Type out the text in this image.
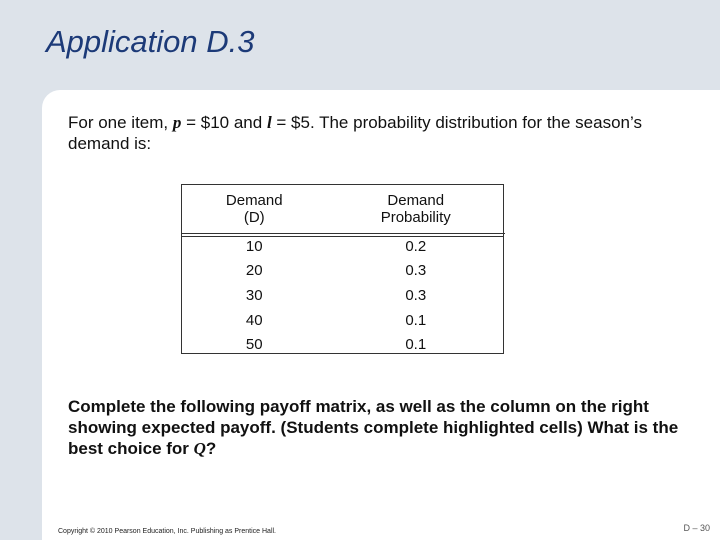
Application D.3
For one item, p = $10 and l = $5. The probability distribution for the season’s demand is:
Demand	Demand
(D)	Probability
10	0.2
20	0.3
30	0.3
40	0.1
50	0.1
Complete the following payoff matrix, as well as the column on the right showing expected payoff. (Students complete highlighted cells) What is the best choice for Q?
Copyright © 2010 Pearson Education, Inc. Publishing as Prentice Hall.	D – 30
